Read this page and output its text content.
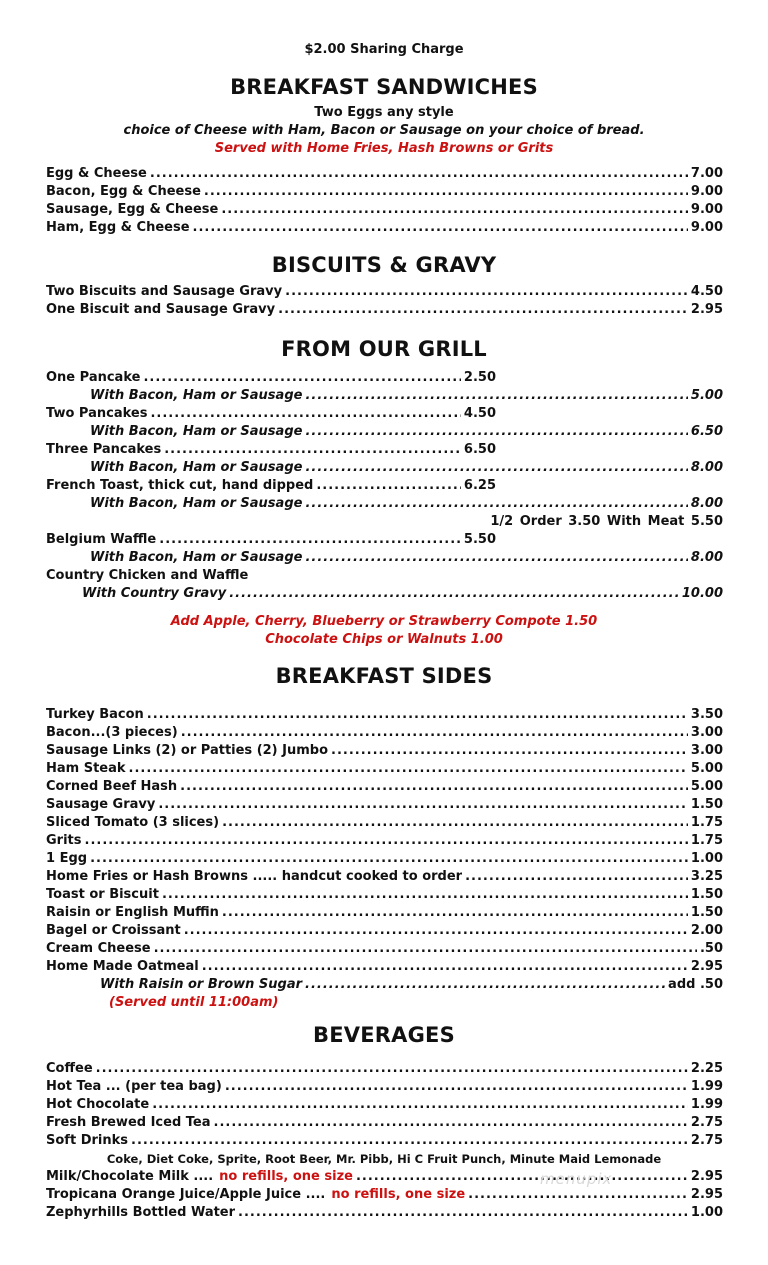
$2.00 Sharing Charge
BREAKFAST SANDWICHES
Two Eggs any style
choice of Cheese with Ham, Bacon or Sausage on your choice of bread.
Served with Home Fries, Hash Browns or Grits
Egg & Cheese .....	7.00
Bacon, Egg & Cheese .....	9.00
Sausage, Egg & Cheese .....	9.00
Ham, Egg & Cheese .....	9.00
BISCUITS & GRAVY
Two Biscuits and Sausage Gravy .....	4.50
One Biscuit and Sausage Gravy .....	2.95
FROM OUR GRILL
One Pancake .....	2.50
With Bacon, Ham or Sausage .....	5.00
Two Pancakes .....	4.50
With Bacon, Ham or Sausage .....	6.50
Three Pancakes .....	6.50
With Bacon, Ham or Sausage .....	8.00
French Toast, thick cut, hand dipped .....	6.25
With Bacon, Ham or Sausage .....	8.00
1/2 Order 3.50 With Meat 5.50
Belgium Waffle .....	5.50
With Bacon, Ham or Sausage .....	8.00
Country Chicken and Waffle
With Country Gravy .....	10.00
Add Apple, Cherry, Blueberry or Strawberry Compote 1.50
Chocolate Chips or Walnuts 1.00
BREAKFAST SIDES
Turkey Bacon .....	3.50
Bacon...(3 pieces) .....	3.00
Sausage Links (2) or Patties (2) Jumbo .....	3.00
Ham Steak .....	5.00
Corned Beef Hash .....	5.00
Sausage Gravy .....	1.50
Sliced Tomato (3 slices) .....	1.75
Grits .....	1.75
1 Egg .....	1.00
Home Fries or Hash Browns ..... handcut cooked to order .....	3.25
Toast or Biscuit .....	1.50
Raisin or English Muffin .....	1.50
Bagel or Croissant .....	2.00
Cream Cheese .....	.50
Home Made Oatmeal .....	2.95
With Raisin or Brown Sugar .....	add .50
(Served until 11:00am)
BEVERAGES
Coffee .....	2.25
Hot Tea ... (per tea bag) .....	1.99
Hot Chocolate .....	1.99
Fresh Brewed Iced Tea .....	2.75
Soft Drinks .....	2.75
Coke, Diet Coke, Sprite, Root Beer, Mr. Pibb, Hi C Fruit Punch, Minute Maid Lemonade
Milk/Chocolate Milk .... no refills, one size .....	2.95
Tropicana Orange Juice/Apple Juice .... no refills, one size .....	2.95
Zephyrhills Bottled Water .....	1.00
menupix
